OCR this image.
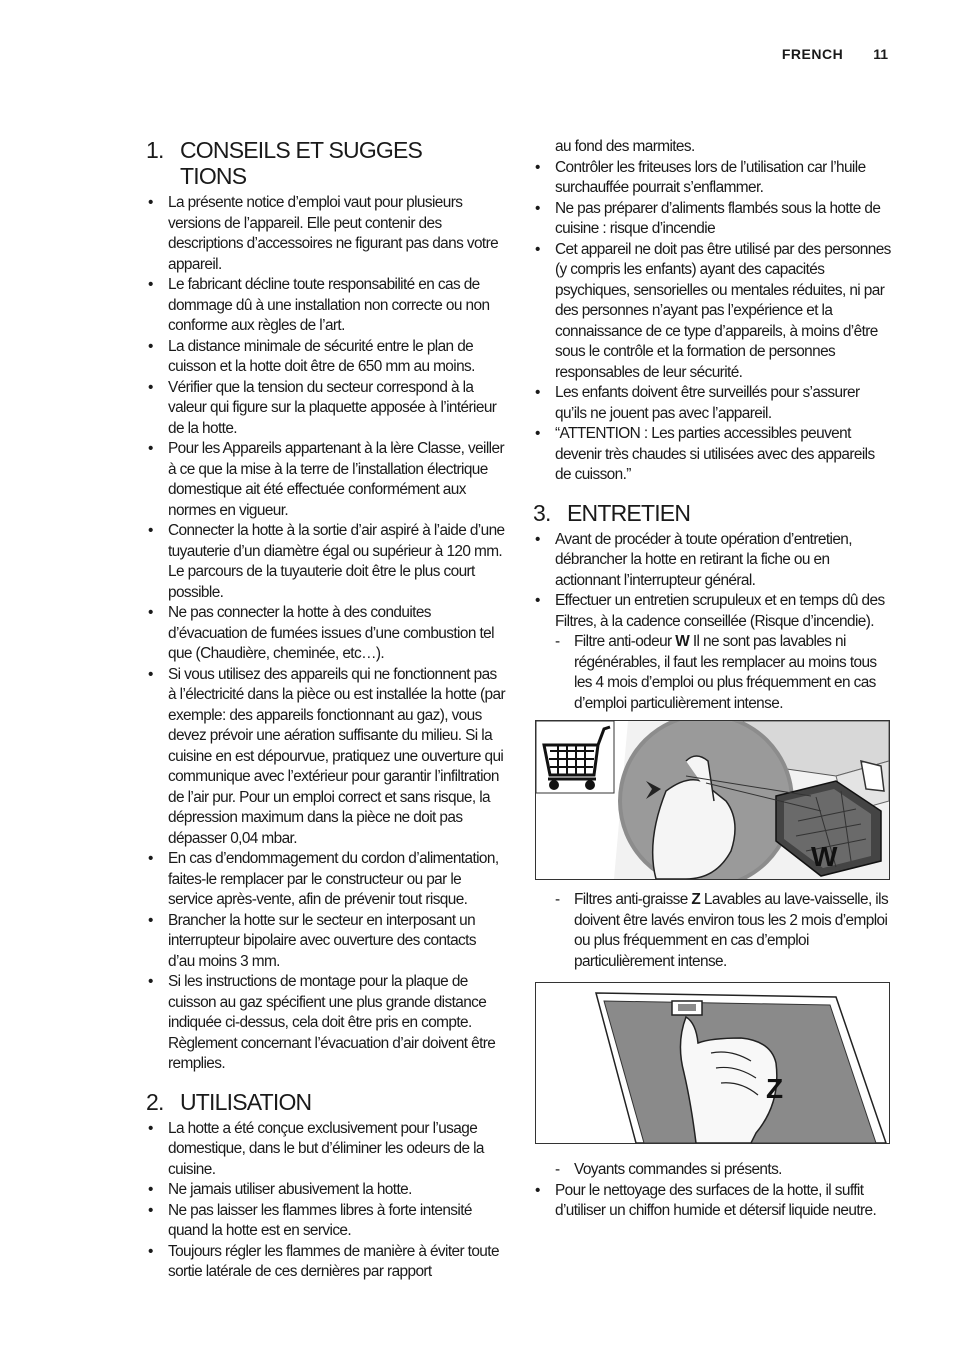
FRENCH 11
1. CONSEILS ET SUGGES
TIONS
• La présente notice d’emploi vaut pour plusieurs versions de l’appareil. Elle peut contenir des descriptions d’accessoires ne figurant pas dans votre appareil.
• Le fabricant décline toute responsabilité en cas de dommage dû à une installation non correcte ou non conforme aux règles de l’art.
• La distance minimale de sécurité entre le plan de cuisson et la hotte doit être de 650 mm au moins.
• Vérifier que la tension du secteur correspond à la valeur qui figure sur la plaquette apposée à l’intérieur de la hotte.
• Pour les Appareils appartenant à la lère Classe, veiller à ce que la mise à la terre de l’installation électrique domestique ait été effectuée conformément aux normes en vigueur.
• Connecter la hotte à la sortie d’air aspiré à l’aide d’une tuyauterie d’un diamètre égal ou supérieur à 120 mm. Le parcours de la tuyauterie doit être le plus court possible.
• Ne pas connecter la hotte à des conduites d’évacuation de fumées issues d’une combustion tel que (Chaudière, cheminée, etc…).
• Si vous utilisez des appareils qui ne fonctionnent pas à l’électricité dans la pièce ou est installée la hotte (par exemple: des appareils fonctionnant au gaz), vous devez prévoir une aération suffisante du milieu. Si la cuisine en est dépourvue, pratiquez une ouverture qui communique avec l’extérieur pour garantir l’infiltration de l’air pur. Pour un emploi correct et sans risque, la dépression maximum dans la pièce ne doit pas dépasser 0,04 mbar.
• En cas d’endommagement du cordon d’alimentation, faites-le remplacer par le constructeur ou par le service après-vente, afin de prévenir tout risque.
• Brancher la hotte sur le secteur en interposant un interrupteur bipolaire avec ouverture des contacts d’au moins 3 mm.
• Si les instructions de montage pour la plaque de cuisson au gaz spécifient une plus grande distance indiquée ci-dessus, cela doit être pris en compte. Règlement concernant l’évacuation d’air doivent être remplies.
2. UTILISATION
• La hotte a été conçue exclusivement pour l’usage domestique, dans le but d’éliminer les odeurs de la cuisine.
• Ne jamais utiliser abusivement la hotte.
• Ne pas laisser les flammes libres à forte intensité quand la hotte est en service.
• Toujours régler les flammes de manière à éviter toute sortie latérale de ces dernières par rapport
au fond des marmites.
• Contrôler les friteuses lors de l’utilisation car l’huile surchauffée pourrait s’enflammer.
• Ne pas préparer d’aliments flambés sous la hotte de cuisine : risque d’incendie
• Cet appareil ne doit pas être utilisé par des personnes (y compris les enfants) ayant des capacités psychiques, sensorielles ou mentales réduites, ni par des personnes n’ayant pas l’expérience et la connaissance de ce type d’appareils, à moins d’être sous le contrôle et la formation de personnes responsables de leur sécurité.
• Les enfants doivent être surveillés pour s’assurer qu’ils ne jouent pas avec l’appareil.
• “ATTENTION : Les parties accessibles peuvent devenir très chaudes si utilisées avec des appareils de cuisson.”
3. ENTRETIEN
• Avant de procéder à toute opération d’entretien, débrancher la hotte en retirant la fiche ou en actionnant l’interrupteur général.
• Effectuer un entretien scrupuleux et en temps dû des Filtres, à la cadence conseillée (Risque d’incendie).
- Filtre anti-odeur W Il ne sont pas lavables ni régénérables, il faut les remplacer au moins tous les 4 mois d’emploi ou plus fréquemment en cas d’emploi particulièrement intense.
W
- Filtres anti-graisse Z Lavables au lave-vaisselle, ils doivent être lavés environ tous les 2 mois d’emploi ou plus fréquemment en cas d’emploi particulièrement intense.
Z
- Voyants commandes si présents.
• Pour le nettoyage des surfaces de la hotte, il suffit d’utiliser un chiffon humide et détersif liquide neutre.
